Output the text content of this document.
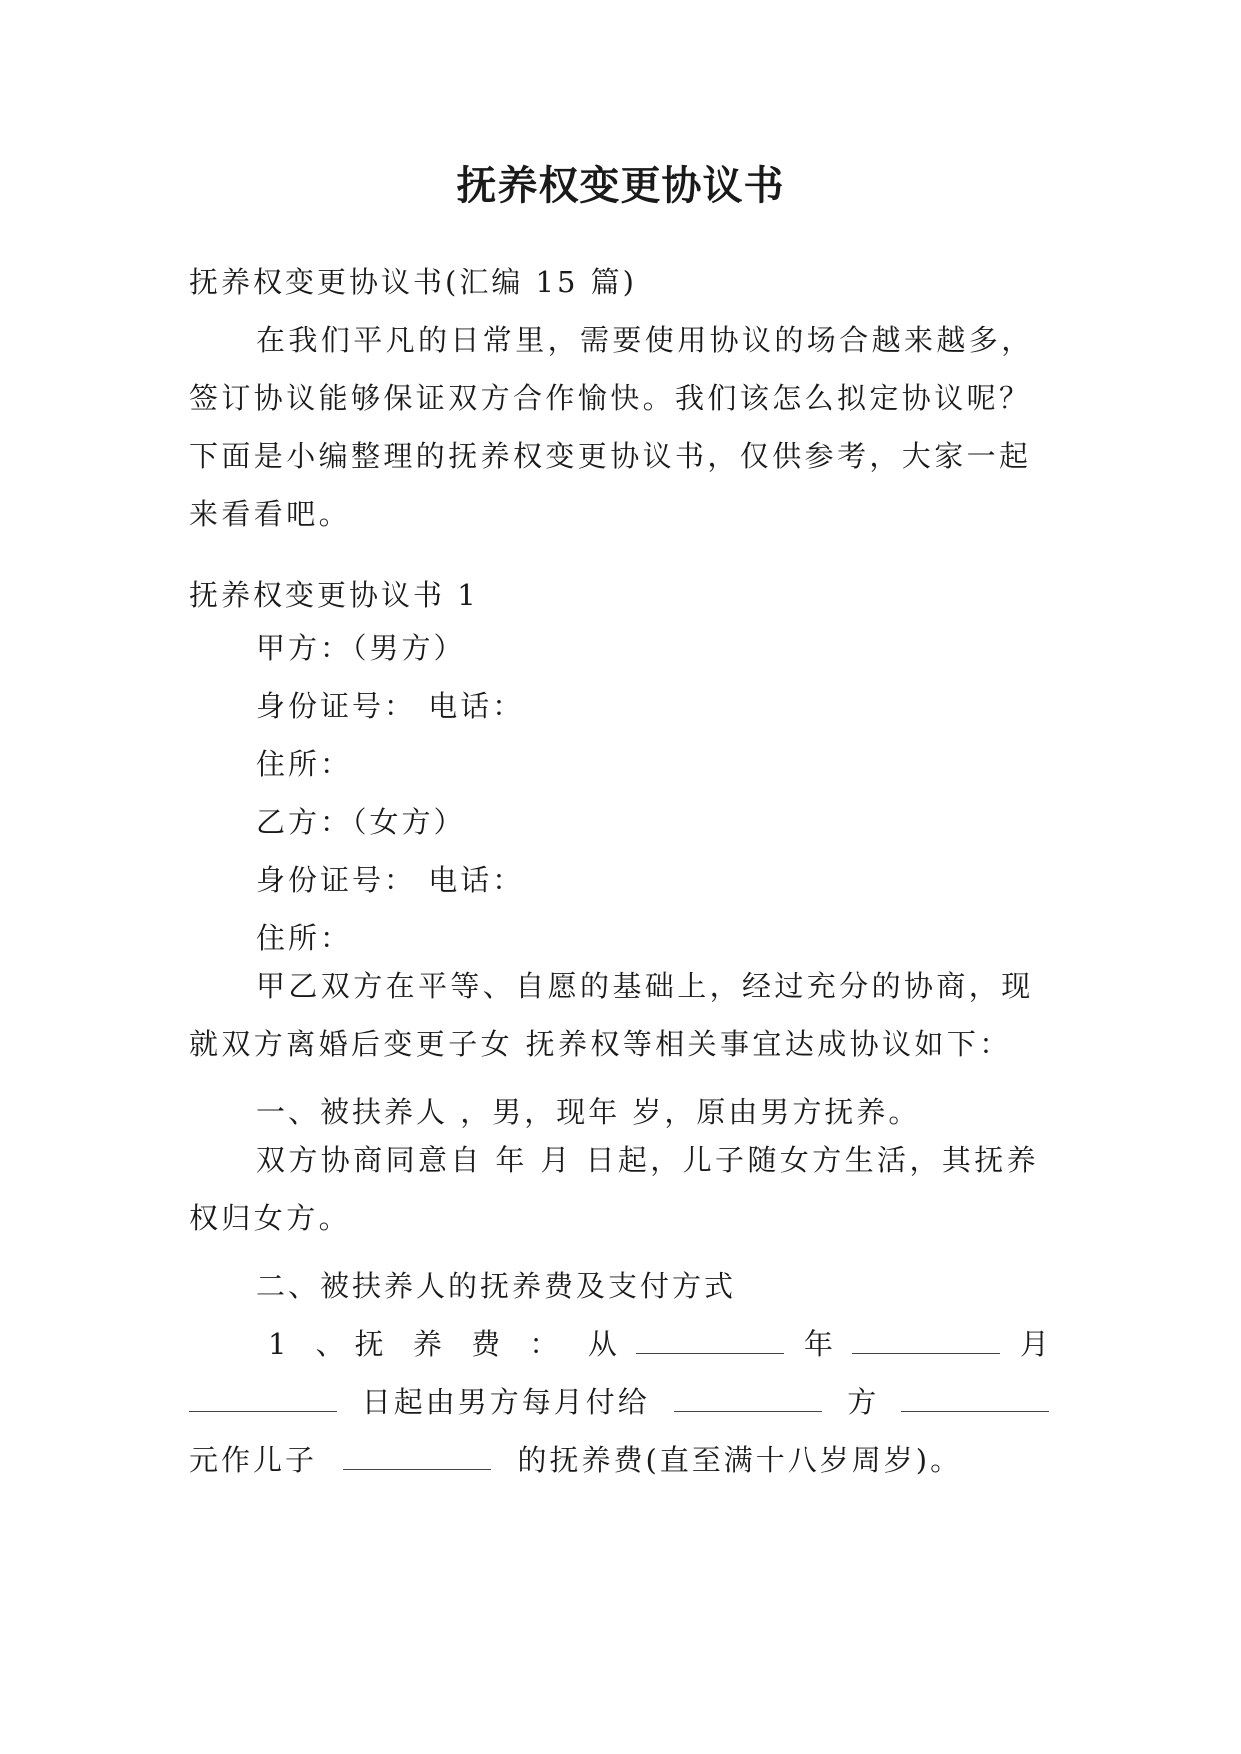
抚养权变更协议书
抚养权变更协议书(汇编 15 篇)
在我们平凡的日常里，需要使用协议的场合越来越多，签订协议能够保证双方合作愉快。我们该怎么拟定协议呢？下面是小编整理的抚养权变更协议书，仅供参考，大家一起来看看吧。
抚养权变更协议书 1
甲方：（男方）
身份证号： 电话：
住所：
乙方：（女方）
身份证号： 电话：
住所：
甲乙双方在平等、自愿的基础上，经过充分的协商，现就双方离婚后变更子女 抚养权等相关事宜达成协议如下：
一、被扶养人 ，男，现年 岁，原由男方抚养。
双方协商同意自 年 月 日起，儿子随女方生活，其抚养权归女方。
二、被扶养人的抚养费及支付方式
1 、抚 养 费 ： 从	年	月
日起由男方每月付给	方
元作儿子	的抚养费(直至满十八岁周岁)。
